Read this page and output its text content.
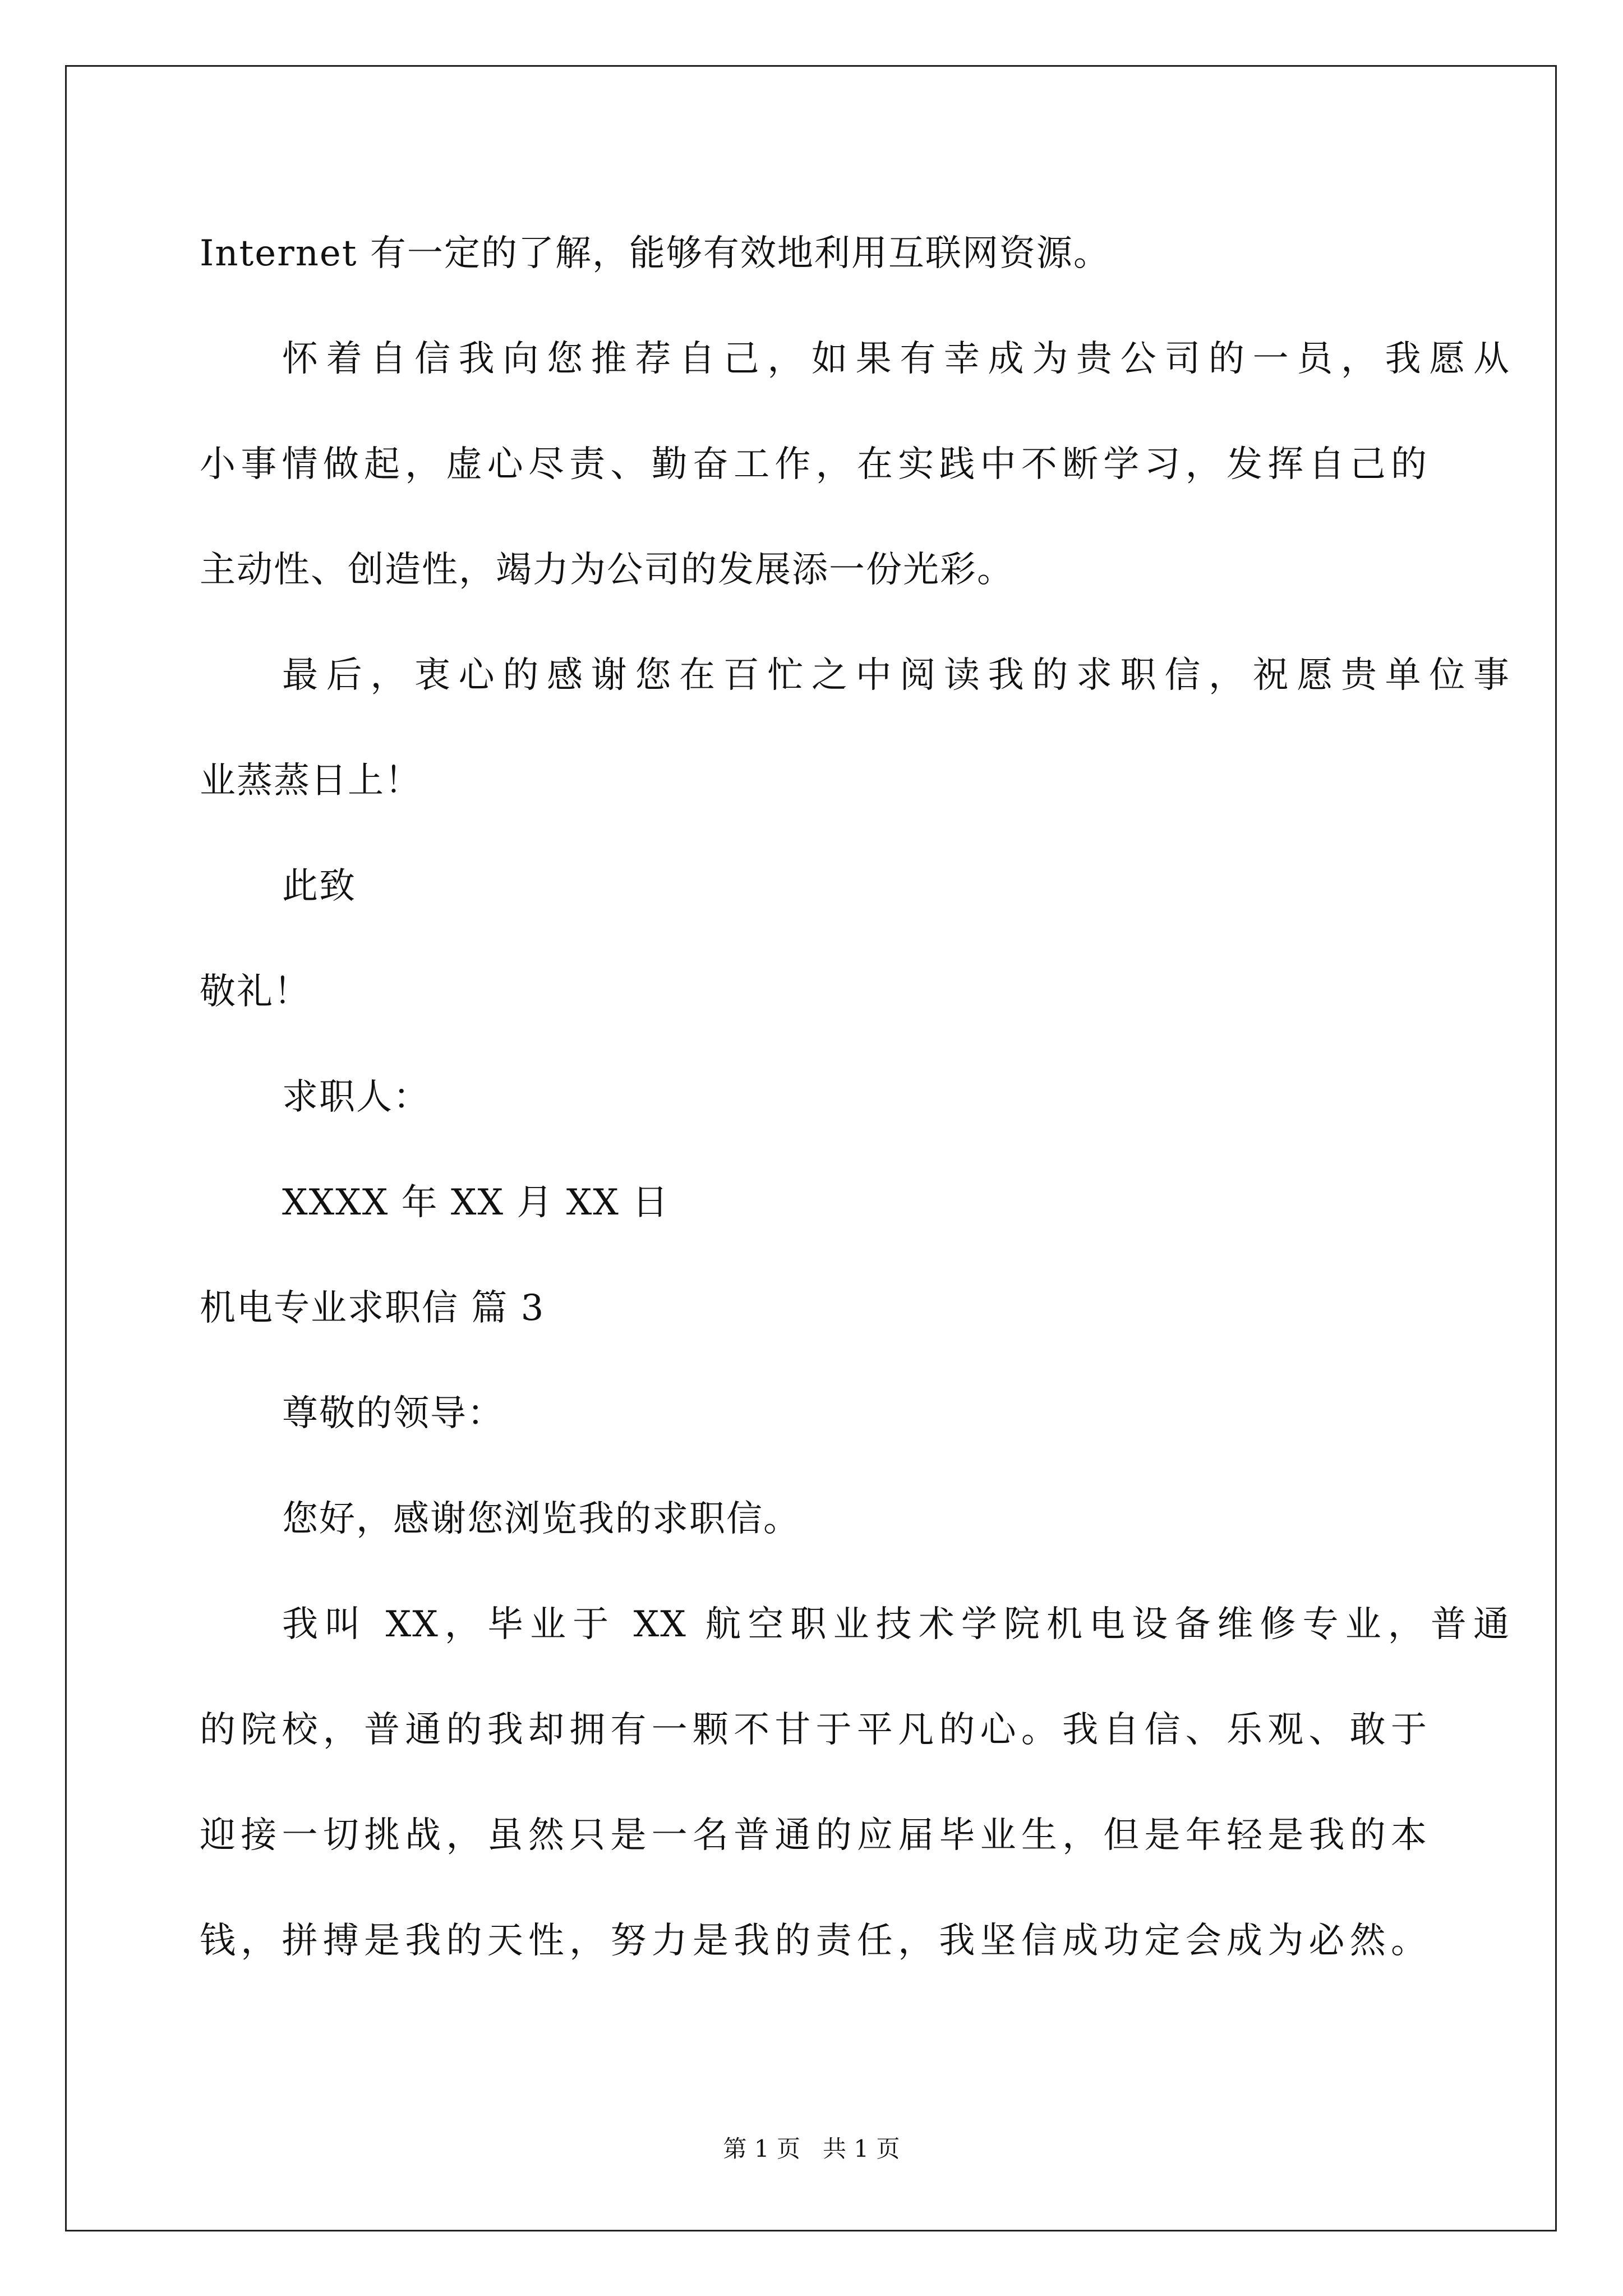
Internet 有一定的了解，能够有效地利用互联网资源。
怀着自信我向您推荐自己，如果有幸成为贵公司的一员，我愿从
小事情做起，虚心尽责、勤奋工作，在实践中不断学习，发挥自己的
主动性、创造性，竭力为公司的发展添一份光彩。
最后，衷心的感谢您在百忙之中阅读我的求职信，祝愿贵单位事
业蒸蒸日上！
此致
敬礼！
求职人：
XXXX 年 XX 月 XX 日
机电专业求职信 篇 3
尊敬的领导：
您好，感谢您浏览我的求职信。
我叫 XX，毕业于 XX 航空职业技术学院机电设备维修专业，普通
的院校，普通的我却拥有一颗不甘于平凡的心。我自信、乐观、敢于
迎接一切挑战，虽然只是一名普通的应届毕业生，但是年轻是我的本
钱，拼搏是我的天性，努力是我的责任，我坚信成功定会成为必然。
第 1 页   共 1 页
